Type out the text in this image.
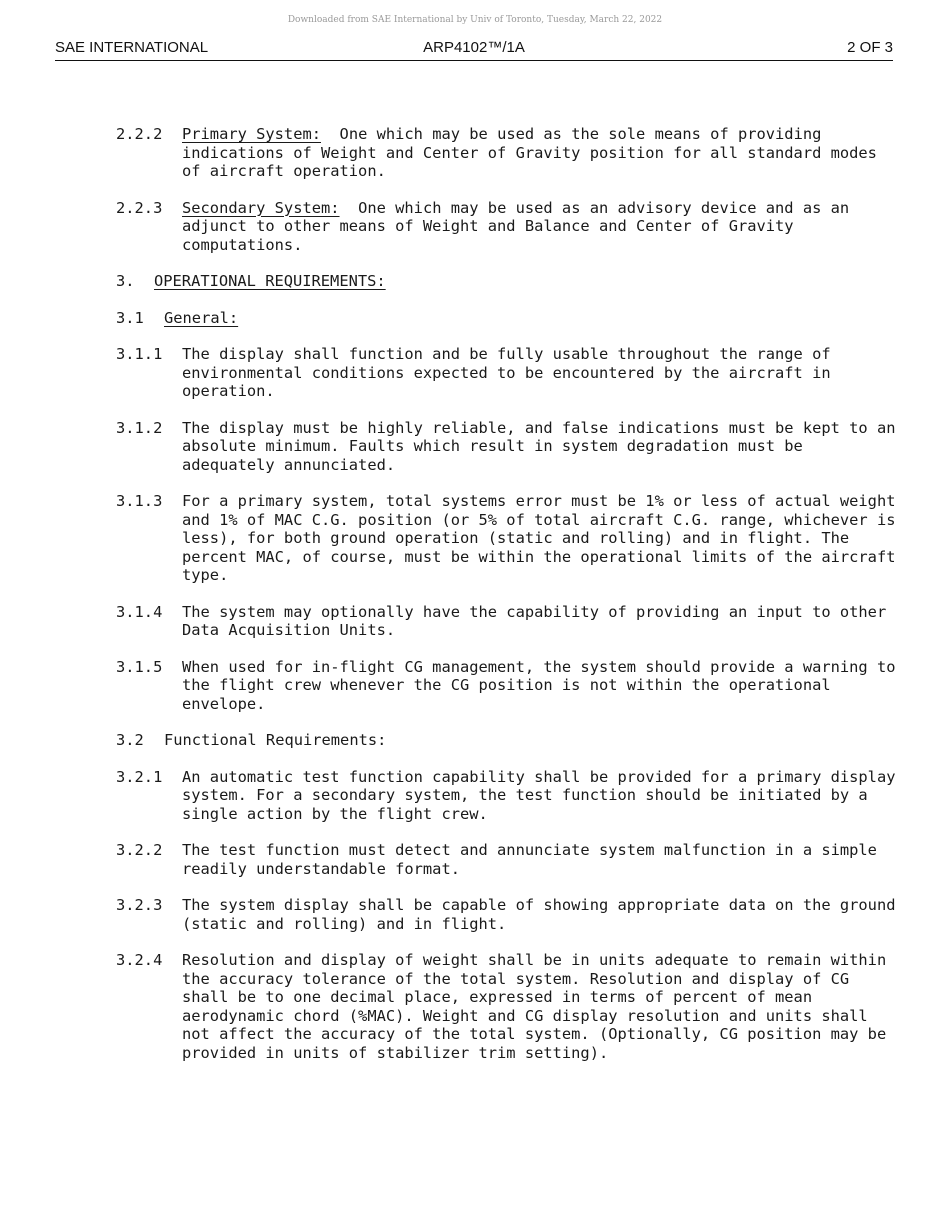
Downloaded from SAE International by Univ of Toronto, Tuesday, March 22, 2022
SAE INTERNATIONAL	ARP4102™/1A	2 OF 3
2.2.2	Primary System: One which may be used as the sole means of providing indications of Weight and Center of Gravity position for all standard modes of aircraft operation.
2.2.3	Secondary System: One which may be used as an advisory device and as an adjunct to other means of Weight and Balance and Center of Gravity computations.
3.	OPERATIONAL REQUIREMENTS:
3.1	General:
3.1.1	The display shall function and be fully usable throughout the range of environmental conditions expected to be encountered by the aircraft in operation.
3.1.2	The display must be highly reliable, and false indications must be kept to an absolute minimum. Faults which result in system degradation must be adequately annunciated.
3.1.3	For a primary system, total systems error must be 1% or less of actual weight and 1% of MAC C.G. position (or 5% of total aircraft C.G. range, whichever is less), for both ground operation (static and rolling) and in flight. The percent MAC, of course, must be within the operational limits of the aircraft type.
3.1.4	The system may optionally have the capability of providing an input to other Data Acquisition Units.
3.1.5	When used for in-flight CG management, the system should provide a warning to the flight crew whenever the CG position is not within the operational envelope.
3.2	Functional Requirements:
3.2.1	An automatic test function capability shall be provided for a primary display system. For a secondary system, the test function should be initiated by a single action by the flight crew.
3.2.2	The test function must detect and annunciate system malfunction in a simple readily understandable format.
3.2.3	The system display shall be capable of showing appropriate data on the ground (static and rolling) and in flight.
3.2.4	Resolution and display of weight shall be in units adequate to remain within the accuracy tolerance of the total system. Resolution and display of CG shall be to one decimal place, expressed in terms of percent of mean aerodynamic chord (%MAC). Weight and CG display resolution and units shall not affect the accuracy of the total system. (Optionally, CG position may be provided in units of stabilizer trim setting).
